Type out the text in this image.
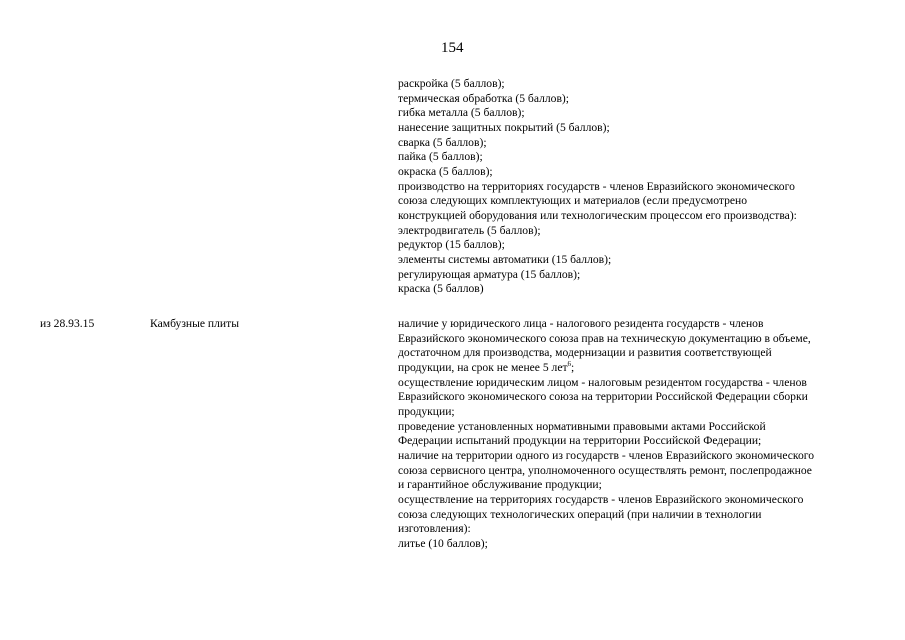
154
раскройка (5 баллов);
термическая обработка (5 баллов);
гибка металла (5 баллов);
нанесение защитных покрытий (5 баллов);
сварка (5 баллов);
пайка (5 баллов);
окраска (5 баллов);
производство на территориях государств - членов Евразийского экономического
союза следующих комплектующих и материалов (если предусмотрено
конструкцией оборудования или технологическим процессом его производства):
электродвигатель (5 баллов);
редуктор (15 баллов);
элементы системы автоматики (15 баллов);
регулирующая арматура (15 баллов);
краска (5 баллов)
из 28.93.15	Камбузные плиты	наличие у юридического лица - налогового резидента государств - членов
Евразийского экономического союза прав на техническую документацию в объеме,
достаточном для производства, модернизации и развития соответствующей
продукции, на срок не менее 5 лет$^6$;
осуществление юридическим лицом - налоговым резидентом государства - членов
Евразийского экономического союза на территории Российской Федерации сборки
продукции;
проведение установленных нормативными правовыми актами Российской
Федерации испытаний продукции на территории Российской Федерации;
наличие на территории одного из государств - членов Евразийского экономического
союза сервисного центра, уполномоченного осуществлять ремонт, послепродажное
и гарантийное обслуживание продукции;
осуществление на территориях государств - членов Евразийского экономического
союза следующих технологических операций (при наличии в технологии
изготовления):
литье (10 баллов);
